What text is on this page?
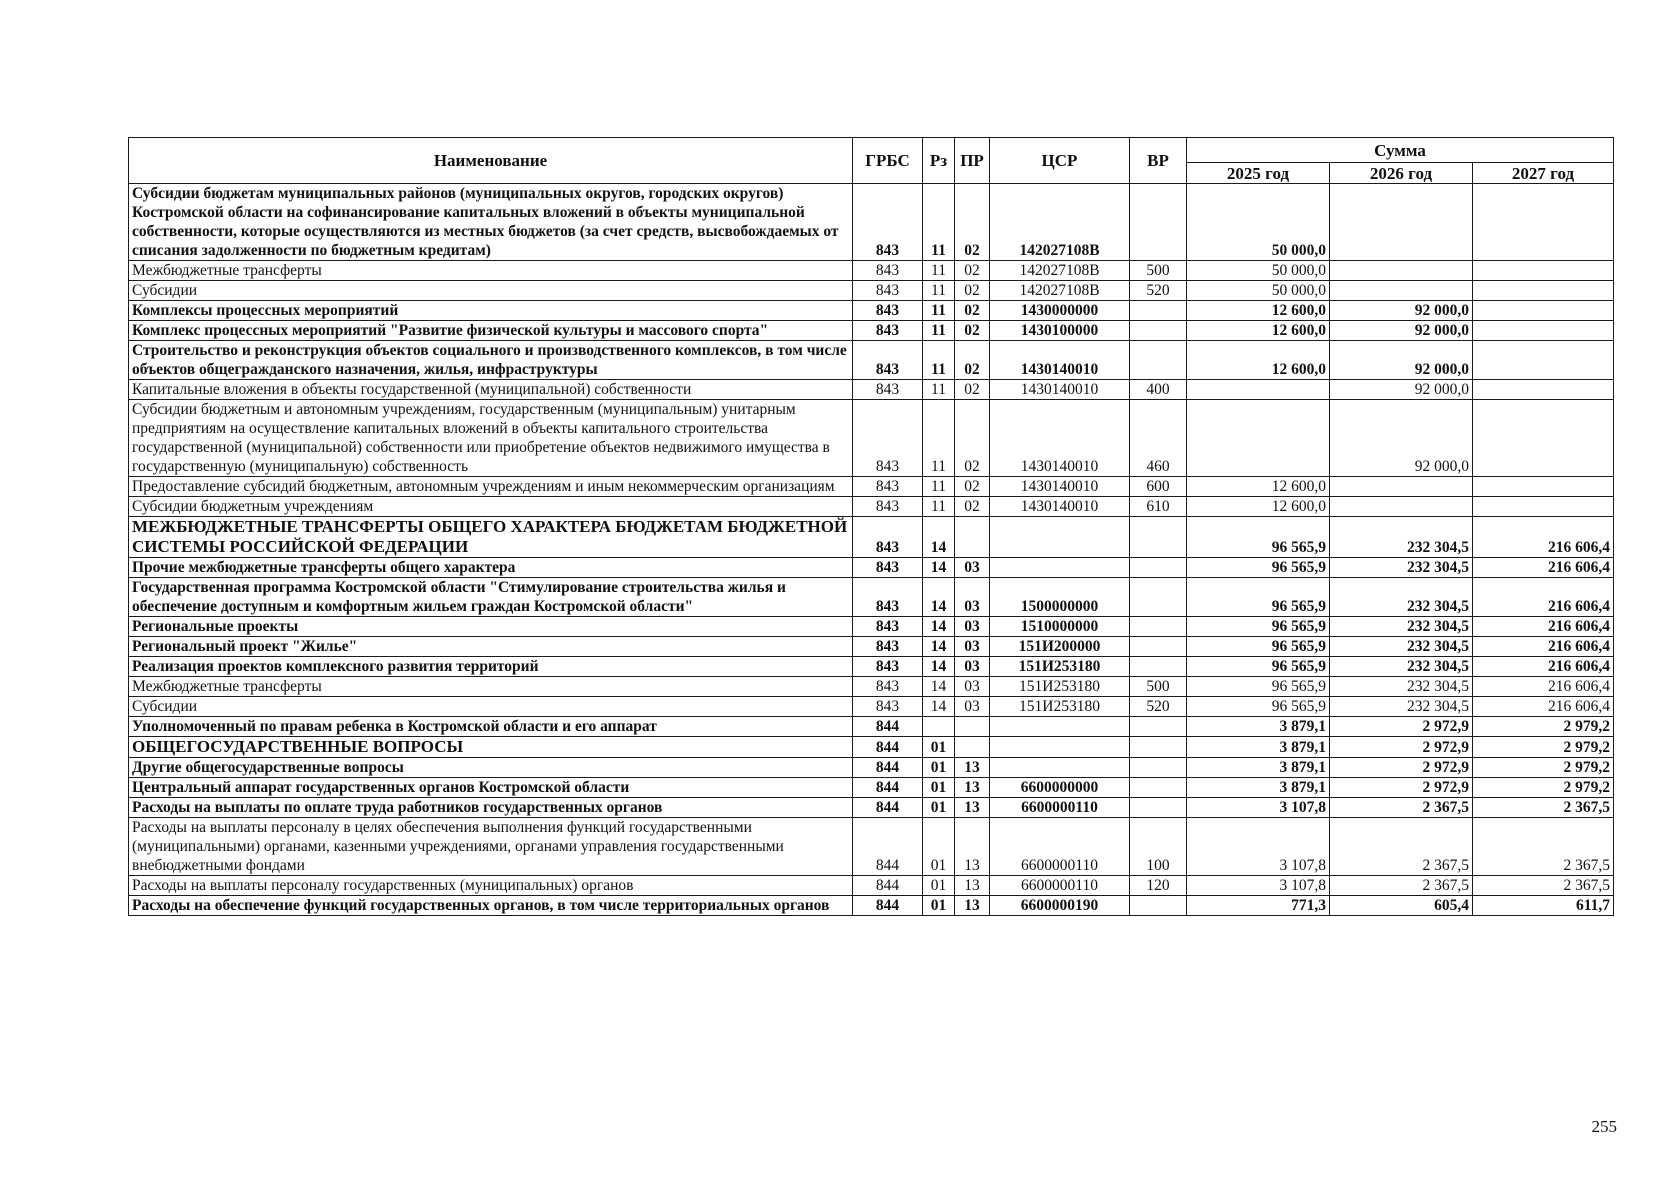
Наименование	ГРБС	Рз	ПР	ЦСР	ВР	Сумма		
						2025 год	2026 год	2027 год
Субсидии бюджетам муниципальных районов (муниципальных округов, городских округов) Костромской области на софинансирование капитальных вложений в объекты муниципальной собственности, которые осуществляются из местных бюджетов (за счет средств, высвобождаемых от списания задолженности по бюджетным кредитам)	843	11	02	142027108В		50 000,0		
Межбюджетные трансферты	843	11	02	142027108В	500	50 000,0		
Субсидии	843	11	02	142027108В	520	50 000,0		
Комплексы процессных мероприятий	843	11	02	1430000000		12 600,0	92 000,0	
Комплекс процессных мероприятий "Развитие физической культуры и массового спорта"	843	11	02	1430100000		12 600,0	92 000,0	
Строительство и реконструкция объектов социального и производственного комплексов, в том числе объектов общегражданского назначения, жилья, инфраструктуры	843	11	02	1430140010		12 600,0	92 000,0	
Капитальные вложения в объекты государственной (муниципальной) собственности	843	11	02	1430140010	400		92 000,0	
Субсидии бюджетным и автономным учреждениям, государственным (муниципальным) унитарным предприятиям на осуществление капитальных вложений в объекты капитального строительства государственной (муниципальной) собственности или приобретение объектов недвижимого имущества в государственную (муниципальную) собственность	843	11	02	1430140010	460		92 000,0	
Предоставление субсидий бюджетным, автономным учреждениям и иным некоммерческим организациям	843	11	02	1430140010	600	12 600,0		
Субсидии бюджетным учреждениям	843	11	02	1430140010	610	12 600,0		
МЕЖБЮДЖЕТНЫЕ ТРАНСФЕРТЫ ОБЩЕГО ХАРАКТЕРА БЮДЖЕТАМ БЮДЖЕТНОЙ СИСТЕМЫ РОССИЙСКОЙ ФЕДЕРАЦИИ	843	14				96 565,9	232 304,5	216 606,4
Прочие межбюджетные трансферты общего характера	843	14	03			96 565,9	232 304,5	216 606,4
Государственная программа Костромской области "Стимулирование строительства жилья и обеспечение доступным и комфортным жильем граждан Костромской области"	843	14	03	1500000000		96 565,9	232 304,5	216 606,4
Региональные проекты	843	14	03	1510000000		96 565,9	232 304,5	216 606,4
Региональный проект "Жилье"	843	14	03	151И200000		96 565,9	232 304,5	216 606,4
Реализация проектов комплексного развития территорий	843	14	03	151И253180		96 565,9	232 304,5	216 606,4
Межбюджетные трансферты	843	14	03	151И253180	500	96 565,9	232 304,5	216 606,4
Субсидии	843	14	03	151И253180	520	96 565,9	232 304,5	216 606,4
Уполномоченный по правам ребенка в Костромской области и его аппарат	844					3 879,1	2 972,9	2 979,2
ОБЩЕГОСУДАРСТВЕННЫЕ ВОПРОСЫ	844	01				3 879,1	2 972,9	2 979,2
Другие общегосударственные вопросы	844	01	13			3 879,1	2 972,9	2 979,2
Центральный аппарат государственных органов Костромской области	844	01	13	6600000000		3 879,1	2 972,9	2 979,2
Расходы на выплаты по оплате труда работников государственных органов	844	01	13	6600000110		3 107,8	2 367,5	2 367,5
Расходы на выплаты персоналу в целях обеспечения выполнения функций государственными (муниципальными) органами, казенными учреждениями, органами управления государственными внебюджетными фондами	844	01	13	6600000110	100	3 107,8	2 367,5	2 367,5
Расходы на выплаты персоналу государственных (муниципальных) органов	844	01	13	6600000110	120	3 107,8	2 367,5	2 367,5
Расходы на обеспечение функций государственных органов, в том числе территориальных органов	844	01	13	6600000190		771,3	605,4	611,7
255
